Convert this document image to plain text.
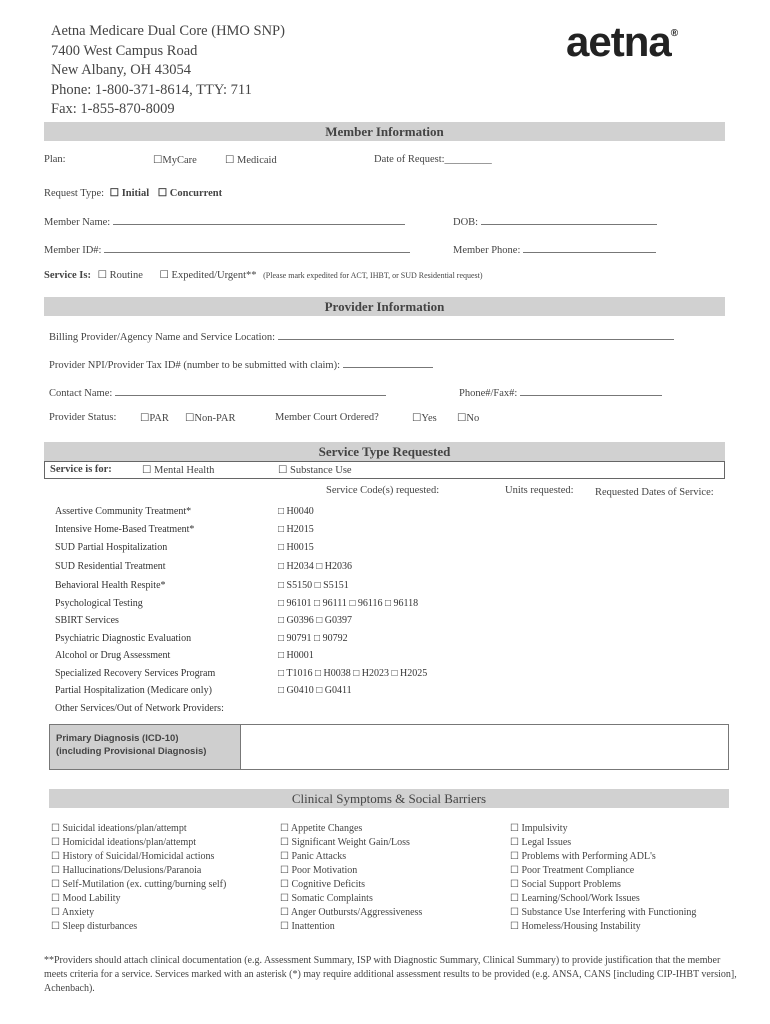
Aetna Medicare Dual Core (HMO SNP)
7400 West Campus Road
New Albany, OH 43054
Phone: 1-800-371-8614, TTY: 711
Fax: 1-855-870-8009
aetna®
Member Information
Plan:	☐MyCare	☐ Medicaid	Date of Request:_________
Request Type: ☐ Initial ☐ Concurrent
Member Name:	DOB:
Member ID#:	Member Phone:
Service Is: ☐ Routine ☐ Expedited/Urgent** (Please mark expedited for ACT, IHBT, or SUD Residential request)
Provider Information
Billing Provider/Agency Name and Service Location:
Provider NPI/Provider Tax ID# (number to be submitted with claim):
Contact Name:	Phone#/Fax#:
Provider Status: ☐PAR ☐Non-PAR	Member Court Ordered?	☐Yes ☐No
Service Type Requested
Service is for:	☐ Mental Health	☐ Substance Use
Service Code(s) requested:	Units requested: Requested Dates of Service:
Assertive Community Treatment*	□ H0040
Intensive Home-Based Treatment*	□ H2015
SUD Partial Hospitalization	□ H0015
SUD Residential Treatment	□ H2034 □ H2036
Behavioral Health Respite*	□ S5150 □ S5151
Psychological Testing	□ 96101 □ 96111 □ 96116 □ 96118
SBIRT Services	□ G0396 □ G0397
Psychiatric Diagnostic Evaluation	□ 90791 □ 90792
Alcohol or Drug Assessment	□ H0001
Specialized Recovery Services Program	□ T1016 □ H0038 □ H2023 □ H2025
Partial Hospitalization (Medicare only)	□ G0410 □ G0411
Other Services/Out of Network Providers:
Primary Diagnosis (ICD-10)
(including Provisional Diagnosis)
Clinical Symptoms & Social Barriers
☐ Suicidal ideations/plan/attempt
☐ Homicidal ideations/plan/attempt
☐ History of Suicidal/Homicidal actions
☐ Hallucinations/Delusions/Paranoia
☐ Self-Mutilation (ex. cutting/burning self)
☐ Mood Lability
☐ Anxiety
☐ Sleep disturbances
☐ Appetite Changes
☐ Significant Weight Gain/Loss
☐ Panic Attacks
☐ Poor Motivation
☐ Cognitive Deficits
☐ Somatic Complaints
☐ Anger Outbursts/Aggressiveness
☐ Inattention
☐ Impulsivity
☐ Legal Issues
☐ Problems with Performing ADL's
☐ Poor Treatment Compliance
☐ Social Support Problems
☐ Learning/School/Work Issues
☐ Substance Use Interfering with Functioning
☐ Homeless/Housing Instability
**Providers should attach clinical documentation (e.g. Assessment Summary, ISP with Diagnostic Summary, Clinical Summary) to provide justification that the member meets criteria for a service. Services marked with an asterisk (*) may require additional assessment results to be provided (e.g. ANSA, CANS [including CIP-IHBT version], Achenbach).
